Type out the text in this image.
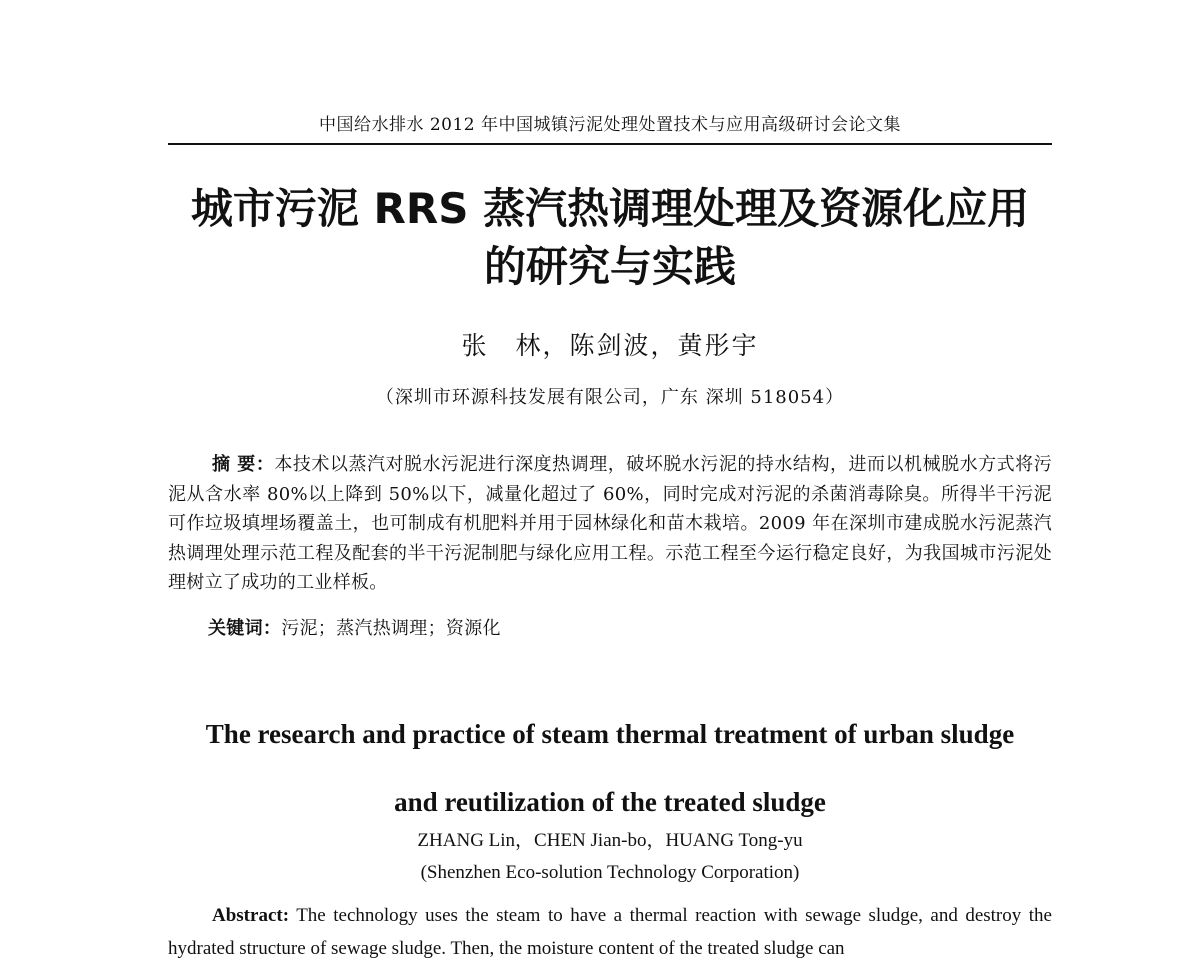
中国给水排水 2012 年中国城镇污泥处理处置技术与应用高级研讨会论文集
城市污泥 RRS 蒸汽热调理处理及资源化应用
的研究与实践
张　林，陈剑波，黄彤宇
（深圳市环源科技发展有限公司，广东 深圳 518054）

摘 要：本技术以蒸汽对脱水污泥进行深度热调理，破坏脱水污泥的持水结构，进而以机械脱水方式将污泥从含水率 80%以上降到 50%以下，减量化超过了 60%，同时完成对污泥的杀菌消毒除臭。所得半干污泥可作垃圾填埋场覆盖土，也可制成有机肥料并用于园林绿化和苗木栽培。2009 年在深圳市建成脱水污泥蒸汽热调理处理示范工程及配套的半干污泥制肥与绿化应用工程。示范工程至今运行稳定良好，为我国城市污泥处理树立了成功的工业样板。

关键词：污泥；蒸汽热调理；资源化

The research and practice of steam thermal treatment of urban sludge
and reutilization of the treated sludge
ZHANG Lin，CHEN Jian-bo，HUANG Tong-yu
(Shenzhen Eco-solution Technology Corporation)

Abstract: The technology uses the steam to have a thermal reaction with sewage sludge, and destroy the hydrated structure of sewage sludge. Then, the moisture content of the treated sludge can
